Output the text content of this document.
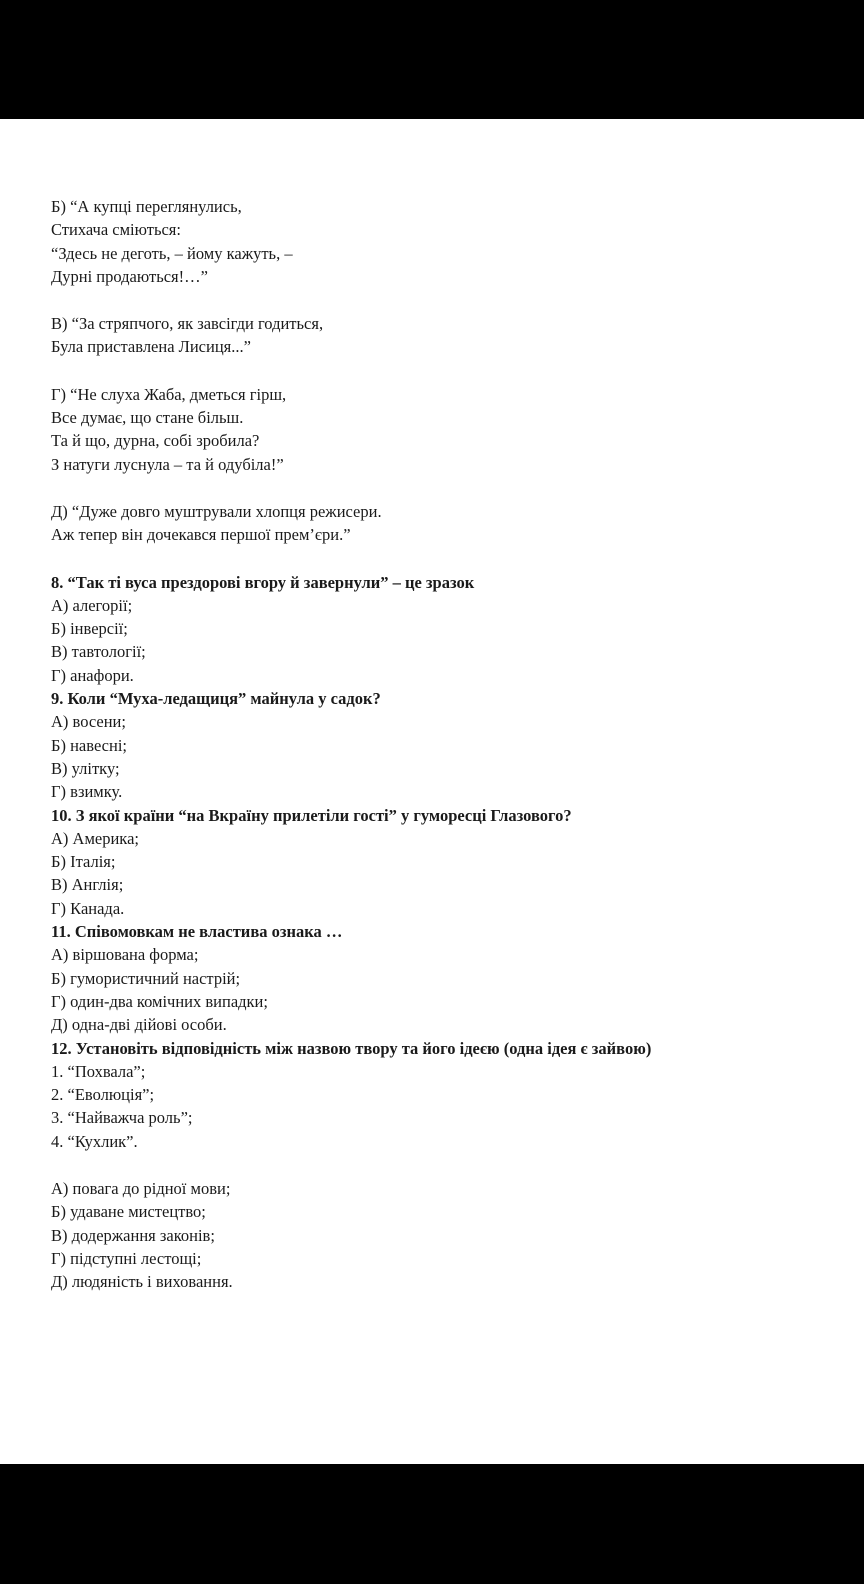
Б) “А купці переглянулись,
Стихача сміються:
“Здесь не деготь, – йому кажуть, –
Дурні продаються!…”
В) “За стряпчого, як завсігди годиться,
Була приставлена Лисиця...”
Г) “Не слуха Жаба, дметься гірш,
Все думає, що стане більш.
Та й що, дурна, собі зробила?
З натуги луснула – та й одубіла!”
Д) “Дуже довго муштрували хлопця режисери.
Аж тепер він дочекався першої прем’єри.”
8. “Так ті вуса прездорові вгору й завернули” – це зразок
А) алегорії;
Б) інверсії;
В) тавтології;
Г) анафори.
9. Коли “Муха-ледащиця” майнула у садок?
А) восени;
Б) навесні;
В) улітку;
Г) взимку.
10. З якої країни “на Вкраїну прилетіли гості” у гуморесці Глазового?
А) Америка;
Б) Італія;
В) Англія;
Г) Канада.
11. Співомовкам не властива ознака …
А) віршована форма;
Б) гумористичний настрій;
Г) один-два комічних випадки;
Д) одна-дві дійові особи.
12. Установіть відповідність між назвою твору та його ідеєю (одна ідея є зайвою)
1. “Похвала”;
2. “Еволюція”;
3. “Найважча роль”;
4. “Кухлик”.
А) повага до рідної мови;
Б) удаване мистецтво;
В) додержання законів;
Г) підступні лестощі;
Д) людяність і виховання.
